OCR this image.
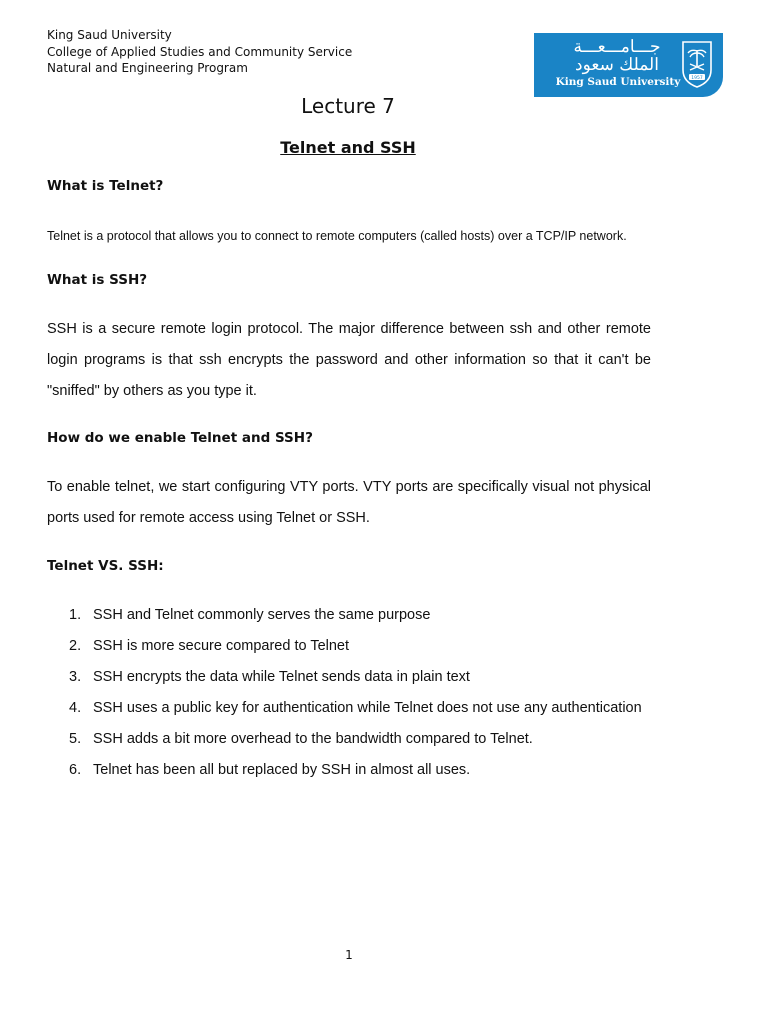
King Saud University
College of Applied Studies and Community Service
Natural and Engineering Program
جـــامـــعـــة
الملك سعود
King Saud University	1957
Lecture 7
Telnet and SSH
What is Telnet?
Telnet is a protocol that allows you to connect to remote computers (called hosts) over a TCP/IP network.
What is SSH?
SSH is a secure remote login protocol. The major difference between ssh and other remote login programs is that ssh encrypts the password and other information so that it can't be "sniffed" by others as you type it.
How do we enable Telnet and SSH?
To enable telnet, we start configuring VTY ports. VTY ports are specifically visual not physical ports used for remote access using Telnet or SSH.
Telnet VS. SSH:
1. SSH and Telnet commonly serves the same purpose
2. SSH is more secure compared to Telnet
3. SSH encrypts the data while Telnet sends data in plain text
4. SSH uses a public key for authentication while Telnet does not use any authentication
5. SSH adds a bit more overhead to the bandwidth compared to Telnet.
6. Telnet has been all but replaced by SSH in almost all uses.
1
